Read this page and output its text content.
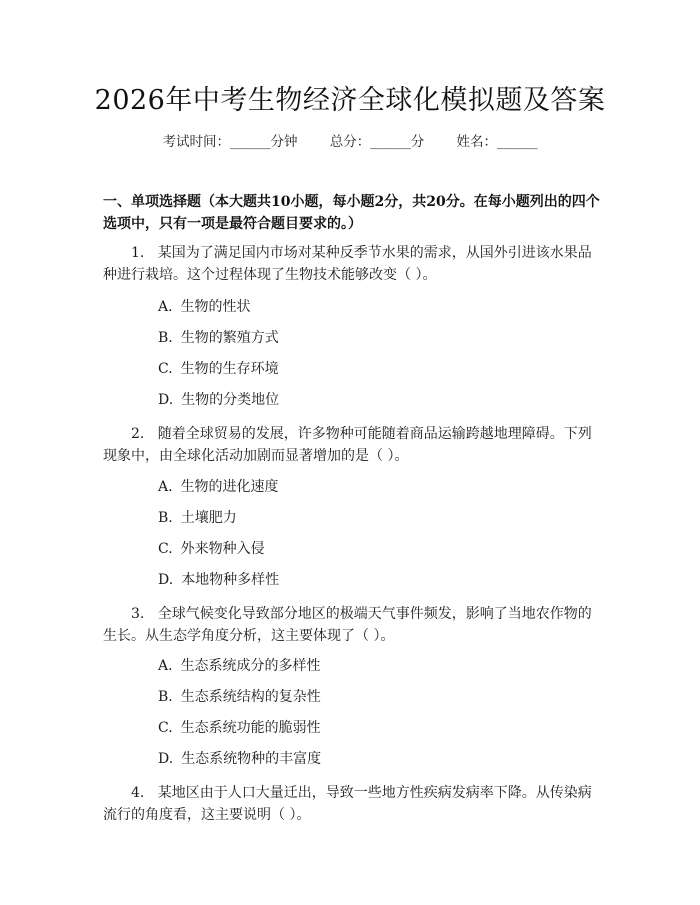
2026年中考生物经济全球化模拟题及答案
考试时间：______分钟 总分：______分 姓名：______
一、单项选择题（本大题共10小题，每小题2分，共20分。在每小题列出的四个选项中，只有一项是最符合题目要求的。）
1. 某国为了满足国内市场对某种反季节水果的需求，从国外引进该水果品种进行栽培。这个过程体现了生物技术能够改变（ ）。
A. 生物的性状
B. 生物的繁殖方式
C. 生物的生存环境
D. 生物的分类地位
2. 随着全球贸易的发展，许多物种可能随着商品运输跨越地理障碍。下列现象中，由全球化活动加剧而显著增加的是（ ）。
A. 生物的进化速度
B. 土壤肥力
C. 外来物种入侵
D. 本地物种多样性
3. 全球气候变化导致部分地区的极端天气事件频发，影响了当地农作物的生长。从生态学角度分析，这主要体现了（ ）。
A. 生态系统成分的多样性
B. 生态系统结构的复杂性
C. 生态系统功能的脆弱性
D. 生态系统物种的丰富度
4. 某地区由于人口大量迁出，导致一些地方性疾病发病率下降。从传染病流行的角度看，这主要说明（ ）。
